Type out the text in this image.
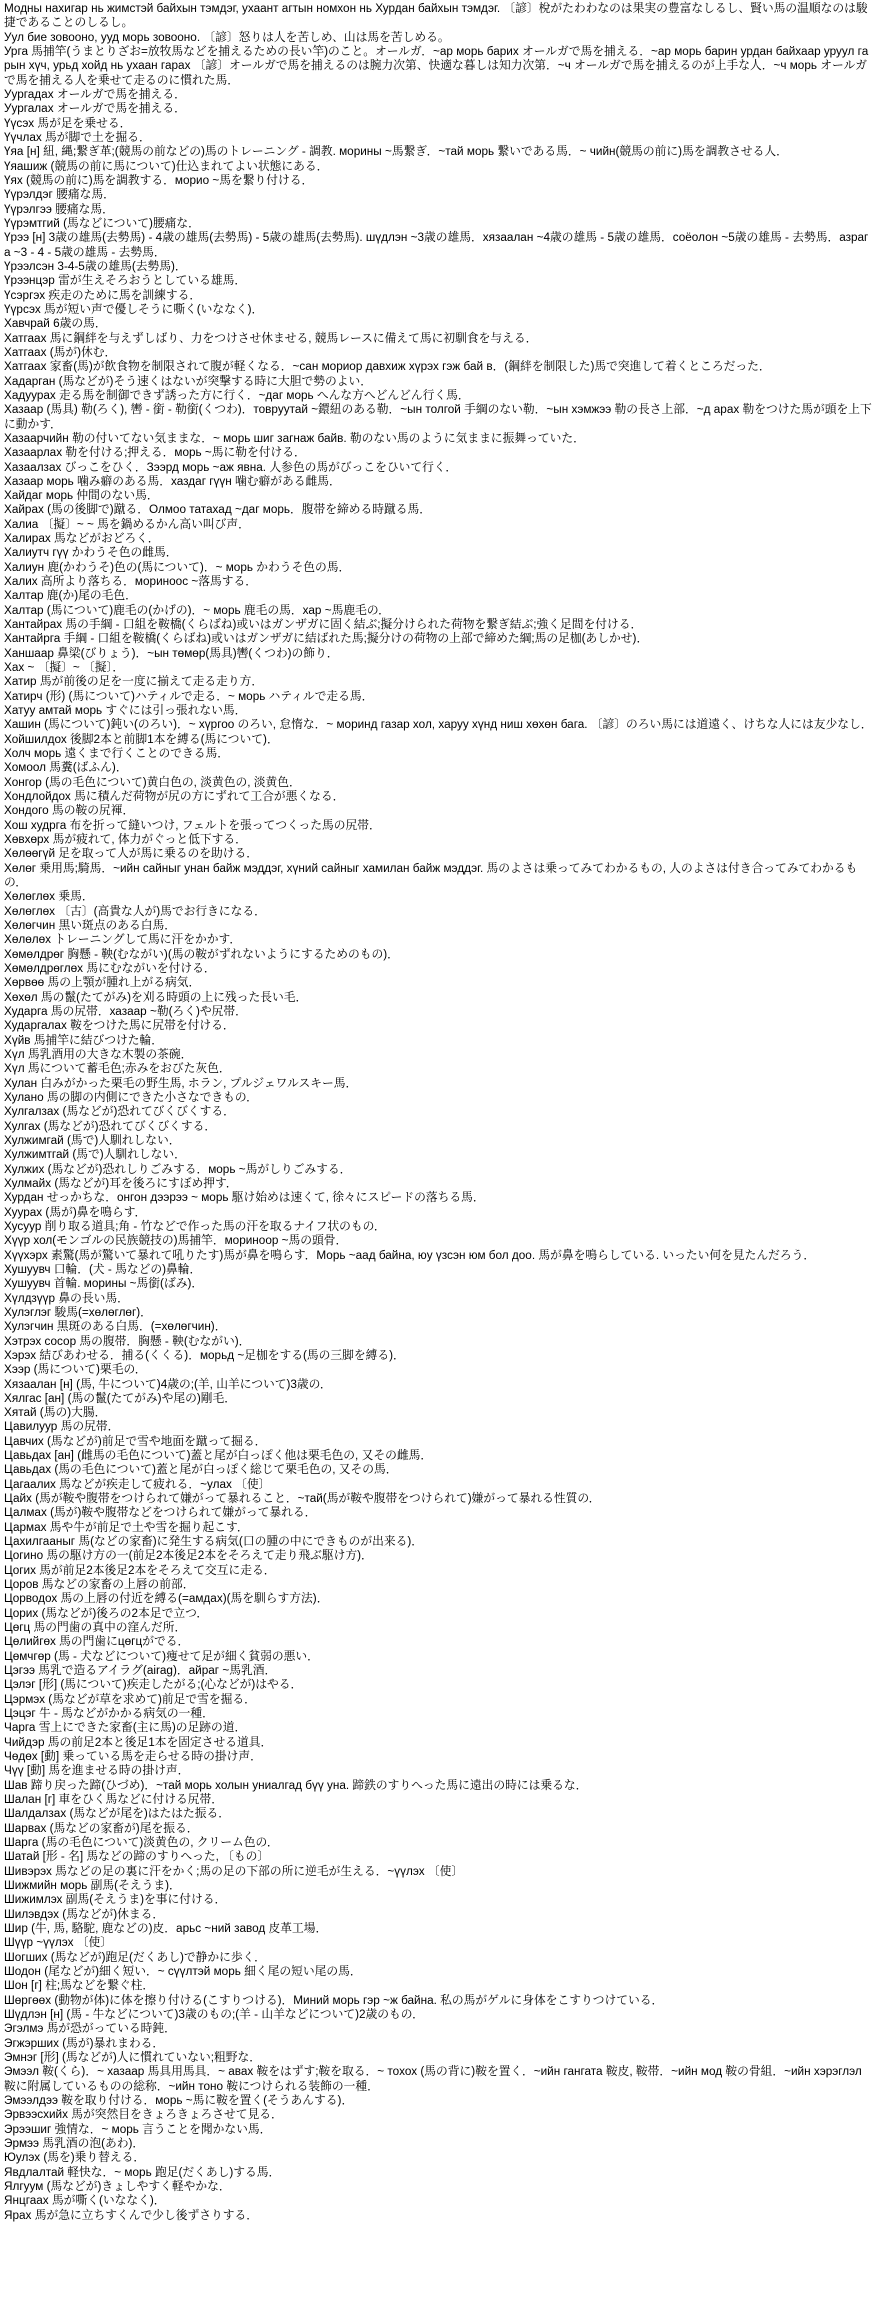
Модны нахигар нь жимстэй байхын тэмдэг, ухаант агтын номхон нь Хурдан байхын тэмдэг. 〔諺〕梲がたわわなのは果実の豊富なしるし、賢い馬の温順なのは駿捷であることのしるし。

Уул бие зовооно, ууд морь зовооно. 〔諺〕怒りは人を苦しめ、山は馬を苦しめる。

Урга 馬捕竿(うまとりざお=放牧馬などを捕えるための長い竿)のこと。オールガ．~ар морь барих オールガで馬を捕える．~ар морь барин урдан байхаар уруул гарын хүч, урьд хойд нь ухаан гарах 〔諺〕オールガで馬を捕えるのは腕力次第、快適な暮しは知力次第．~ч オールガで馬を捕えるのが上手な人．~ч морь オールガで馬を捕える人を乗せて走るのに慣れた馬．

Уургадах オールガで馬を捕える．

Уургалах オールガで馬を捕える．

Үүсэх 馬が足を乗せる．

Үүчлах 馬が脚で土を掘る．

Үяа [н] 紐, 縄;繋ぎ革;(競馬の前などの)馬のトレーニング - 調教. морины ~馬繋ぎ．~тай морь 繋いである馬．~ чийн(競馬の前に)馬を調教させる人．

Үяашиж (競馬の前に馬について)仕込まれてよい状態にある．

Үях (競馬の前に)馬を調教する．морио ~馬を繋り付ける．

Үүрэлдэг 腰痛な馬．

Үүрэлгээ 腰痛な馬．

Үүрэмтгий (馬などについて)腰痛な．

Үрээ [н] 3歳の雄馬(去勢馬) - 4歳の雄馬(去勢馬) - 5歳の雄馬(去勢馬). шүдлэн ~3歳の雄馬．хязаалан ~4歳の雄馬 - 5歳の雄馬．соёолон ~5歳の雄馬 - 去勢馬．азрага ~3 - 4 - 5歳の雄馬 - 去勢馬．

Үрээлсэн 3-4-5歳の雄馬(去勢馬)．

Үрээнцэр 雷が生えそろおうとしている雄馬．

Үсэргэх 疾走のために馬を訓練する．

Үүрсэх 馬が短い声で優しそうに嘶く(いななく)．

Хавчрай 6歳の馬．

Хатгаах 馬に鋼絆を与えずしばり、力をつけさせ休ませる, 競馬レースに備えて馬に初馴食を与える．

Хатгаах (馬が)休む．

Хатгаах 家畜(馬)が飲食物を制限されて腹が軽くなる．~сан мориор давхиж хүрэх гэж бай в．(鋼絆を制限した)馬で突進して着くところだった．

Хадарган (馬などが)そう速くはないが突撃する時に大胆で勢のよい．

Хадуурах 走る馬を制御できず誘った方に行く．~даг морь へんな方へどんどん行く馬．

Хазаар (馬具) 勒(ろく), 轡 - 銜 - 勒銜(くつわ)．товруутай ~鐶紐のある勒．~ын толгой 手綱のない勒．~ын хэмжээ 勒の長さ上部．~д арах 勒をつけた馬が頭を上下に動かす．

Хазаарчийн 勒の付いてない気ままな．~ морь шиг загнаж байв. 勒のない馬のように気ままに振舞っていた．

Хазаарлах 勒を付ける;押える．морь ~馬に勒を付ける．

Хазаалзах びっこをひく．Зээрд морь ~аж явна. 人参色の馬がびっこをひいて行く．

Хазаар морь 噛み癖のある馬．хаздаг гүүн 噛む癖がある雌馬．

Хайдаг морь 仲間のない馬．

Хайрах (馬の後脚で)蹴る．Олмоо татахад ~даг морь．腹帯を締める時蹴る馬．

Халиа 〔擬〕~ ~ 馬を鍋めるかん高い叫び声．

Халирах 馬などがおどろく．

Халиутч гүү かわうそ色の雌馬．

Халиун 鹿(かわうそ)色の(馬について)．~ морь かわうそ色の馬．

Халих 高所より落ちる．мориноос ~落馬する．

Халтар 鹿(か)尾の毛色．

Халтар (馬について)鹿毛の(かげの)．~ морь 鹿毛の馬．хар ~馬鹿毛の．

Хантайрах 馬の手綱 - 口組を鞍橋(くらばね)或いはガンザガに固く結ぶ;擬分けられた荷物を繋ぎ結ぶ;強く足間を付ける．

Хантайрга 手綱 - 口組を鞍橋(くらばね)或いはガンザガに結ばれた馬;擬分けの荷物の上部で締めた綱;馬の足枷(あしかせ)．

Ханшаар 鼻梁(びりょう)．~ын төмөр(馬具)轡(くつわ)の飾り．

Хах ~ 〔擬〕~ 〔擬〕．

Хатир 馬が前後の足を一度に揃えて走る走り方．

Хатирч (形) (馬について)ハティルで走る．~ морь ハティルで走る馬．

Хатуу амтай морь すぐには引っ張れない馬．

Хашин (馬について)鈍い(のろい)．~ хүргоо のろい, 怠惰な．~ моринд газар хол, харуу хүнд ниш хөхөн бага. 〔諺〕のろい馬には道遠く、けちな人には友少なし．

Хойшилдох 後脚2本と前脚1本を縛る(馬について)．

Холч морь 遠くまで行くことのできる馬．

Хомоол 馬糞(ばふん)．

Хонгор (馬の毛色について)黄白色の, 淡黄色の, 淡黄色．

Хондлойдох 馬に積んだ荷物が尻の方にずれて工合が悪くなる．

Хондого 馬の鞍の尻褌．

Хош худрга 布を折って縫いつけ, フェルトを張ってつくった馬の尻帯．

Хөвхөрх 馬が疲れて, 体力がぐっと低下する．

Хөлөөгүй 足を取って人が馬に乗るのを助ける．

Хөлөг 乗用馬;騎馬．~ийн сайныг унан байж мэддэг, хүний сайныг хамилан байж мэддэг. 馬のよさは乗ってみてわかるもの, 人のよさは付き合ってみてわかるもの．

Хөлөглөх 乗馬．

Хөлөглөх 〔古〕(高貴な人が)馬でお行きになる．

Хөлөгчин 黒い斑点のある白馬．

Хөлөлөх トレーニングして馬に汗をかかす．

Хөмөлдрөг 胸懸 - 鞅(むながい)(馬の鞍がずれないようにするためのもの)．

Хөмөлдрөглөх 馬にむながいを付ける．

Хөрвөө 馬の上顎が腫れ上がる病気．

Хөхөл 馬の鬣(たてがみ)を刈る時頭の上に残った長い毛．

Хударга 馬の尻帯．хазаар ~勒(ろく)や尻帯．

Хударгалах 鞍をつけた馬に尻帯を付ける．

Хүйв 馬捕竿に結びつけた輪．

Хүл 馬乳酒用の大きな木製の茶碗．

Хүл 馬について蓄毛色;赤みをおびた灰色．

Хулан 白みがかった栗毛の野生馬, ホラン, プルジェワルスキー馬．

Хулано 馬の脚の内側にできた小さなできもの．

Хулгалзах (馬などが)恐れてびくびくする．

Хулгах (馬などが)恐れてびくびくする．

Хулжимгай (馬で)人馴れしない．

Хулжимтгай (馬で)人馴れしない．

Хулжих (馬などが)恐れしりごみする．морь ~馬がしりごみする．

Хулмайх (馬などが)耳を後ろにすぼめ押す．

Хурдан せっかちな．онгон дээрээ ~ морь 駆け始めは速くて, 徐々にスピードの落ちる馬．

Хуурах (馬が)鼻を鳴らす．

Хусуур 削り取る道具;角 - 竹などで作った馬の汗を取るナイフ状のもの．

Хүүр хол(モンゴルの民族競技の)馬捕竿．мориноор ~馬の頭骨．

Хүүхэрх 素驚(馬が驚いて暴れて吼りたす)馬が鼻を鳴らす．Морь ~аад байна, юу үзсэн юм бол доо. 馬が鼻を鳴らしている. いったい何を見たんだろう．

Хушуувч 口輪．(犬 - 馬などの)鼻輪．

Хушуувч 首輪. морины ~馬銜(ばみ)．

Хүлдзүүр 鼻の長い馬．

Хулэглэг 駿馬(=хөлөглөг)．

Хулэгчин 黒斑のある白馬．(=хөлөгчин)．

Хэтрэх сосор 馬の腹帯．胸懸 - 鞅(むながい)．

Хэрэх 結びあわせる．捕る(くくる)．морьд ~足枷をする(馬の三脚を縛る)．

Хээр (馬について)栗毛の．

Хязаалан [н] (馬, 牛について)4歳の;(羊, 山羊について)3歳の．

Хялгас [ан] (馬の鬣(たてがみ)や尾の)剛毛．

Хятай (馬の)大腸．

Цавилуур 馬の尻帯．

Цавчих (馬などが)前足で雪や地面を蹴って掘る．

Цавьдах [ан] (雌馬の毛色について)蓋と尾が白っぽく他は栗毛色の, 又その雌馬．

Цавьдах (馬の毛色について)蓋と尾が白っぽく総じて栗毛色の, 又その馬．

Цагаалих 馬などが疾走して疲れる．~улах 〔使〕

Цайх (馬が鞍や腹帯をつけられて嫌がって暴れること．~тай(馬が鞍や腹帯をつけられて)嫌がって暴れる性質の．

Цалмах (馬が)鞍や腹帯などをつけられて嫌がって暴れる．

Цармах 馬や牛が前足で土や雪を掘り起こす．

Цахилгааныг 馬(などの家畜)に発生する病気(口の腫の中にできものが出来る)．

Цогино 馬の駆け方の一(前足2本後足2本をそろえて走り飛ぶ駆け方)．

Цогих 馬が前足2本後足2本をそろえて交互に走る．

Цоров 馬などの家畜の上唇の前部．

Цорводох 馬の上唇の付近を縛る(=амдах)(馬を馴らす方法)．

Цорих (馬などが)後ろの2本足で立つ．

Цөгц 馬の門歯の真中の窪んだ所．

Цөлийгөх 馬の門歯にцөгцがでる．

Цөмчгөр (馬 - 犬などについて)痩せて足が細く貧弱の悪い．

Цэгээ 馬乳で造るアイラグ(airag)．айраг ~馬乳酒．

Цэлэг [形] (馬について)疾走したがる;(心などが)はやる．

Цэрмэх (馬などが草を求めて)前足で雪を掘る．

Цэцэг 牛 - 馬などがかかる病気の一種．

Чарга 雪上にできた家畜(主に馬)の足跡の道．

Чийдэр 馬の前足2本と後足1本を固定させる道具．

Чөдөх [動] 乗っている馬を走らせる時の掛け声．

Чүү [動] 馬を進ませる時の掛け声．

Шав 蹄り戻った蹄(ひづめ)．~тай морь холын униалгад бүү уна. 蹄鉄のすりへった馬に遠出の時には乗るな．

Шалан [г] 車をひく馬などに付ける尻帯．

Шалдалзах (馬などが尾を)はたはた振る．

Шарвах (馬などの家畜が)尾を振る．

Шарга (馬の毛色について)淡黄色の, クリーム色の．

Шатай [形 - 名] 馬などの蹄のすりへった, 〔もの〕

Шивэрэх 馬などの足の裏に汗をかく;馬の足の下部の所に逆毛が生える．~үүлэх 〔使〕

Шижмийн морь 副馬(そえうま)．

Шижимлэх 副馬(そえうま)を事に付ける．

Шилэвдэх (馬などが)休まる．

Шир (牛, 馬, 駱駝, 鹿などの)皮．арьс ~ний завод 皮革工場．

Шүүр ~үүлэх 〔使〕

Шогших (馬などが)跑足(だくあし)で静かに歩く．

Шодон (尾などが)細く短い．~ сүүлтэй морь 細く尾の短い尾の馬．

Шон [г] 柱;馬などを繋ぐ柱．

Шөргөөх (動物が体)に体を擦り付ける(こすりつける)．Миний морь гэр ~ж байна. 私の馬がゲルに身体をこすりつけている．

Шүдлэн [н] (馬 - 牛などについて)3歳のもの;(羊 - 山羊などについて)2歳のもの．

Эгэлмэ 馬が恐がっている時鈍．

Эгжэрших (馬が)暴れまわる．

Эмнэг [形] (馬などが)人に慣れていない;粗野な．

Эмээл 鞍(くら)．~ хазаар 馬具用馬具．~ авах 鞍をはずす;鞍を取る．~ тохох (馬の背に)鞍を置く．~ийн гангата 鞍皮, 鞍帯．~ийн мод 鞍の骨組．~ийн хэрэглэл 鞍に附属しているものの総称．~ийн тоно 鞍につけられる装飾の一種．

Эмээлдээ 鞍を取り付ける．морь ~馬に鞍を置く(そうあんする)．

Эрвээсхийх 馬が突然目をきょろきょろさせて見る．

Эрээшиг 強情な．~ морь 言うことを聞かない馬．

Эрмээ 馬乳酒の泡(あわ)．

Юулэх (馬を)乗り替える．

Явдлалтай 軽快な．~ морь 跑足(だくあし)する馬．

Ялгуум (馬などが)きょしやすく軽やかな．

Янцгаах 馬が嘶く(いななく)．

Ярах 馬が急に立ちすくんで少し後ずさりする．
